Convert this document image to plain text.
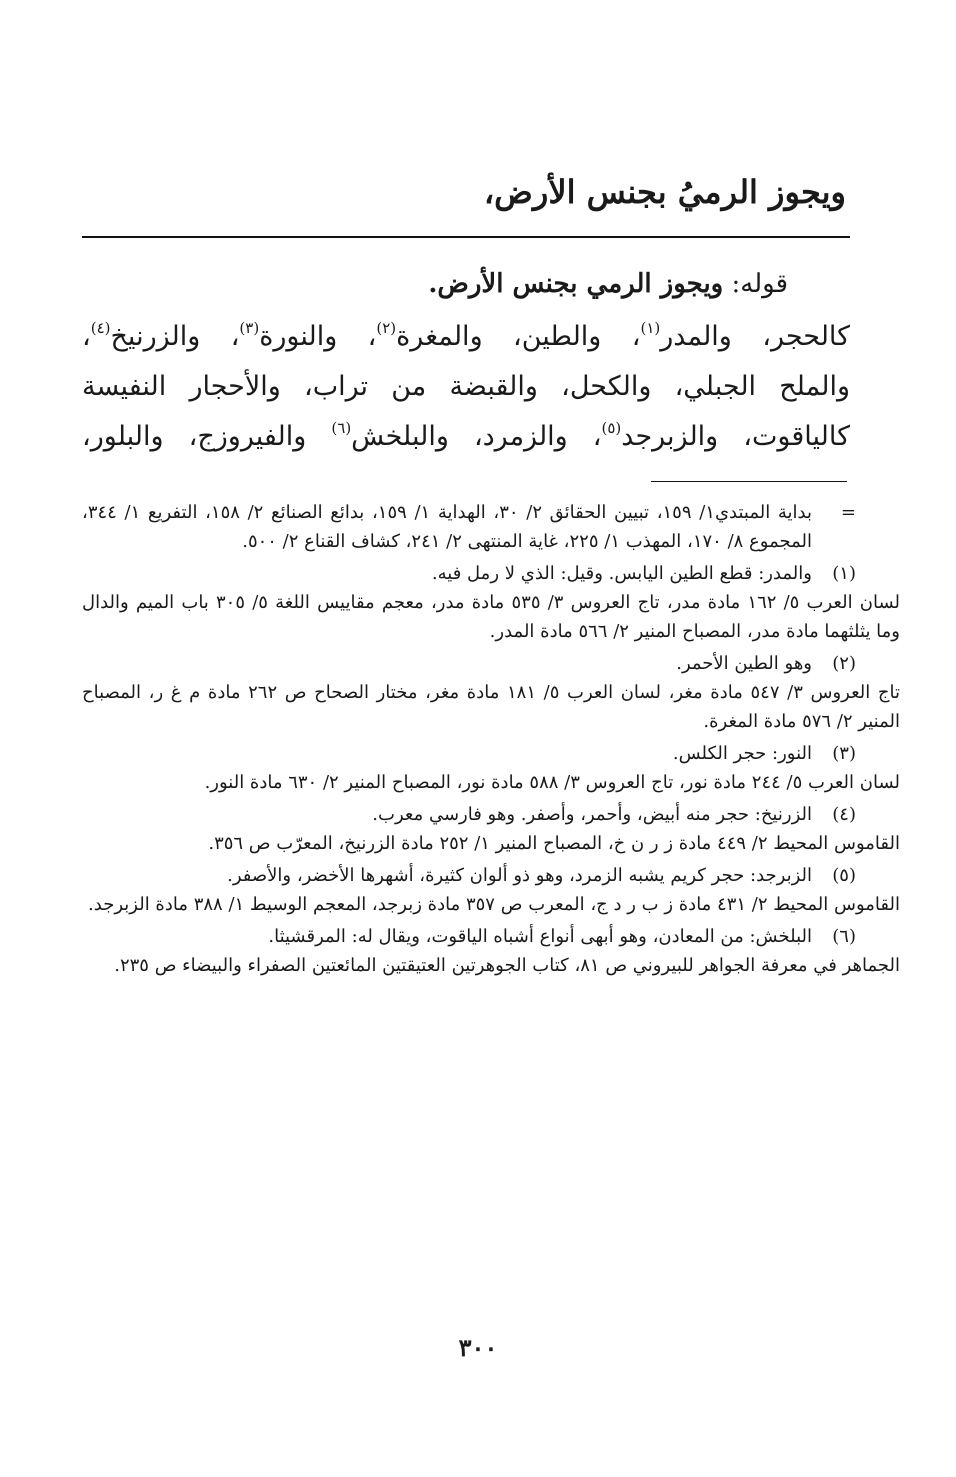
ويجوز الرميُ بجنس الأرض،
قوله: ويجوز الرمي بجنس الأرض.

كالحجر، والمدر$^{(١)}$، والطين، والمغرة$^{(٢)}$، والنورة$^{(٣)}$، والزرنيخ$^{(٤)}$،

والملح الجبلي، والكحل، والقبضة من تراب، والأحجار النفيسة

كالياقوت، والزبرجد$^{(٥)}$، والزمرد، والبلخش$^{(٦)}$ والفيروزج، والبلور،

=
بداية المبتدي١/ ١٥٩، تبيين الحقائق ٢/ ٣٠، الهداية ١/ ١٥٩، بدائع الصنائع ٢/ ١٥٨، التفريع ١/ ٣٤٤، المجموع ٨/ ١٧٠، المهذب ١/ ٢٢٥، غاية المنتهى ٢/ ٢٤١، كشاف القناع ٢/ ٥٠٠.
(١)
والمدر: قطع الطين اليابس. وقيل: الذي لا رمل فيه.
لسان العرب ٥/ ١٦٢ مادة مدر، تاج العروس ٣/ ٥٣٥ مادة مدر، معجم مقاييس اللغة ٥/ ٣٠٥ باب الميم والدال وما يثلثهما مادة مدر، المصباح المنير ٢/ ٥٦٦ مادة المدر.
(٢)
وهو الطين الأحمر.
تاج العروس ٣/ ٥٤٧ مادة مغر، لسان العرب ٥/ ١٨١ مادة مغر، مختار الصحاح ص ٢٦٢ مادة م غ ر، المصباح المنير ٢/ ٥٧٦ مادة المغرة.
(٣)
النور: حجر الكلس.
لسان العرب ٥/ ٢٤٤ مادة نور، تاج العروس ٣/ ٥٨٨ مادة نور، المصباح المنير ٢/ ٦٣٠ مادة النور.
(٤)
الزرنيخ: حجر منه أبيض، وأحمر، وأصفر. وهو فارسي معرب.
القاموس المحيط ٢/ ٤٤٩ مادة ز ر ن خ، المصباح المنير ١/ ٢٥٢ مادة الزرنيخ، المعرّب ص ٣٥٦.
(٥)
الزبرجد: حجر كريم يشبه الزمرد، وهو ذو ألوان كثيرة، أشهرها الأخضر، والأصفر.
القاموس المحيط ٢/ ٤٣١ مادة ز ب ر د ج، المعرب ص ٣٥٧ مادة زبرجد، المعجم الوسيط ١/ ٣٨٨ مادة الزبرجد.
(٦)
البلخش: من المعادن، وهو أبهى أنواع أشباه الياقوت، ويقال له: المرقشيثا.
الجماهر في معرفة الجواهر للبيروني ص ٨١، كتاب الجوهرتين العتيقتين المائعتين الصفراء والبيضاء ص ٢٣٥.
٣٠٠
